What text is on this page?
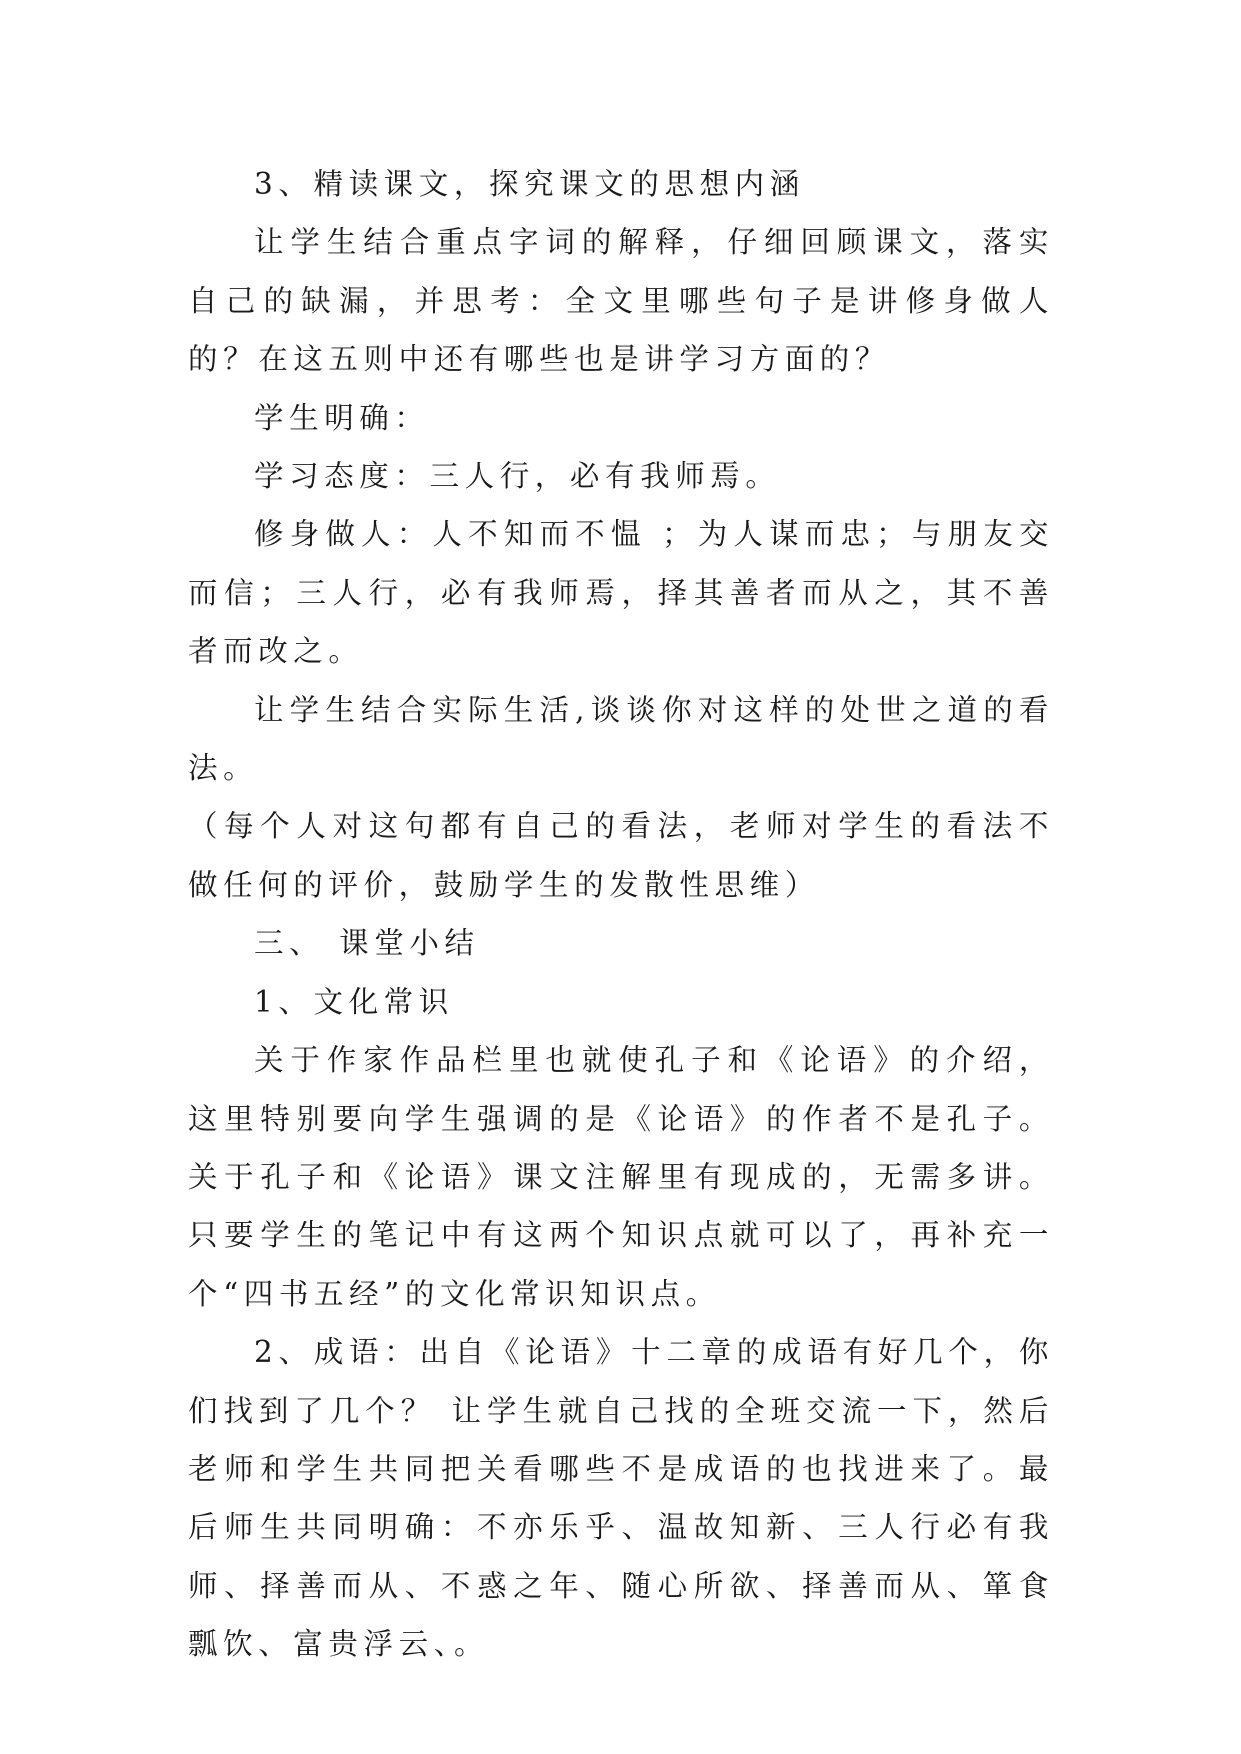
3、精读课文，探究课文的思想内涵

让学生结合重点字词的解释，仔细回顾课文，落实自己的缺漏，并思考：全文里哪些句子是讲修身做人的？在这五则中还有哪些也是讲学习方面的？

学生明确：

学习态度：三人行，必有我师焉。

修身做人：人不知而不愠 ；为人谋而忠；与朋友交而信；三人行，必有我师焉，择其善者而从之，其不善者而改之。

让学生结合实际生活,谈谈你对这样的处世之道的看法。

（每个人对这句都有自己的看法，老师对学生的看法不做任何的评价，鼓励学生的发散性思维）

三、 课堂小结

1、文化常识

关于作家作品栏里也就使孔子和《论语》的介绍，这里特别要向学生强调的是《论语》的作者不是孔子。关于孔子和《论语》课文注解里有现成的，无需多讲。只要学生的笔记中有这两个知识点就可以了，再补充一个“四书五经”的文化常识知识点。

2、成语：出自《论语》十二章的成语有好几个，你们找到了几个？ 让学生就自己找的全班交流一下，然后老师和学生共同把关看哪些不是成语的也找进来了。最后师生共同明确：不亦乐乎、温故知新、三人行必有我师、择善而从、不惑之年、随心所欲、择善而从、箪食瓢饮、富贵浮云、。
